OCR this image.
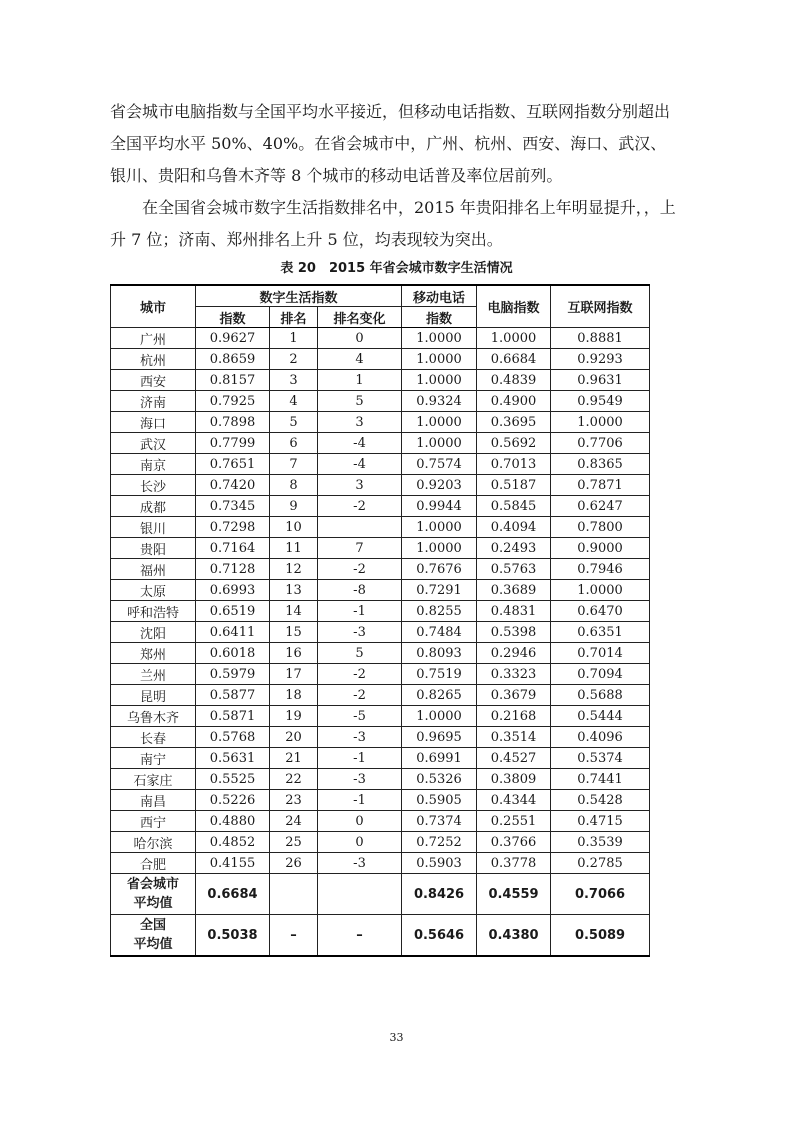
省会城市电脑指数与全国平均水平接近，但移动电话指数、互联网指数分别超出全国平均水平 50%、40%。在省会城市中，广州、杭州、西安、海口、武汉、银川、贵阳和乌鲁木齐等 8 个城市的移动电话普及率位居前列。

在全国省会城市数字生活指数排名中，2015 年贵阳排名上年明显提升，，上升 7 位；济南、郑州排名上升 5 位，均表现较为突出。

表 20　2015 年省会城市数字生活情况
城市	数字生活指数			移动电话	电脑指数	互联网指数
	指数	排名	排名变化	指数		
广州	0.9627	1	0	1.0000	1.0000	0.8881
杭州	0.8659	2	4	1.0000	0.6684	0.9293
西安	0.8157	3	1	1.0000	0.4839	0.9631
济南	0.7925	4	5	0.9324	0.4900	0.9549
海口	0.7898	5	3	1.0000	0.3695	1.0000
武汉	0.7799	6	-4	1.0000	0.5692	0.7706
南京	0.7651	7	-4	0.7574	0.7013	0.8365
长沙	0.7420	8	3	0.9203	0.5187	0.7871
成都	0.7345	9	-2	0.9944	0.5845	0.6247
银川	0.7298	10		1.0000	0.4094	0.7800
贵阳	0.7164	11	7	1.0000	0.2493	0.9000
福州	0.7128	12	-2	0.7676	0.5763	0.7946
太原	0.6993	13	-8	0.7291	0.3689	1.0000
呼和浩特	0.6519	14	-1	0.8255	0.4831	0.6470
沈阳	0.6411	15	-3	0.7484	0.5398	0.6351
郑州	0.6018	16	5	0.8093	0.2946	0.7014
兰州	0.5979	17	-2	0.7519	0.3323	0.7094
昆明	0.5877	18	-2	0.8265	0.3679	0.5688
乌鲁木齐	0.5871	19	-5	1.0000	0.2168	0.5444
长春	0.5768	20	-3	0.9695	0.3514	0.4096
南宁	0.5631	21	-1	0.6991	0.4527	0.5374
石家庄	0.5525	22	-3	0.5326	0.3809	0.7441
南昌	0.5226	23	-1	0.5905	0.4344	0.5428
西宁	0.4880	24	0	0.7374	0.2551	0.4715
哈尔滨	0.4852	25	0	0.7252	0.3766	0.3539
合肥	0.4155	26	-3	0.5903	0.3778	0.2785

省会城市
平均值	0.6684			0.8426	0.4559	0.7066

全国
平均值	0.5038	–	–	0.5646	0.4380	0.5089
33
